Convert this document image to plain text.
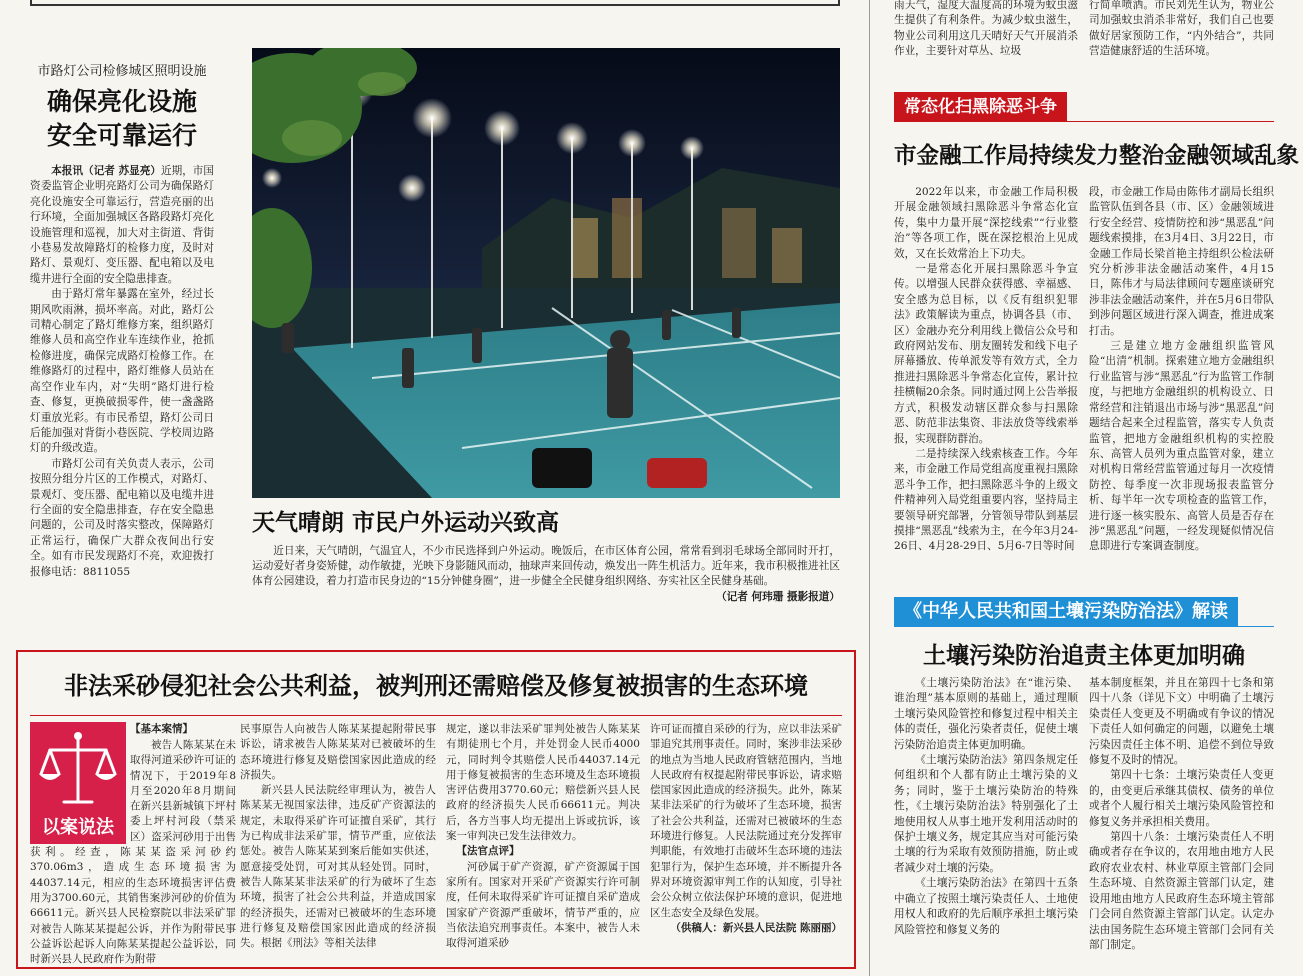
市路灯公司检修城区照明设施
确保亮化设施
安全可靠运行

本报讯（记者 苏显亮）近期，市国资委监管企业明亮路灯公司为确保路灯亮化设施安全可靠运行，营造亮丽的出行环境，全面加强城区各路段路灯亮化设施管理和巡视，加大对主街道、背街小巷易发故障路灯的检修力度，及时对路灯、景观灯、变压器、配电箱以及电缆井进行全面的安全隐患排查。

由于路灯常年暴露在室外，经过长期风吹雨淋，损坏率高。对此，路灯公司精心制定了路灯维修方案，组织路灯维修人员和高空作业车连续作业，抢抓检修进度，确保完成路灯检修工作。在维修路灯的过程中，路灯维修人员站在高空作业车内，对“失明”路灯进行检查、修复，更换破损零件，使一盏盏路灯重放光彩。有市民希望，路灯公司日后能加强对背街小巷医院、学校周边路灯的升级改造。

市路灯公司有关负责人表示，公司按照分组分片区的工作模式，对路灯、景观灯、变压器、配电箱以及电缆井进行全面的安全隐患排查，存在安全隐患问题的，公司及时落实整改，保障路灯正常运行，确保广大群众夜间出行安全。如有市民发现路灯不亮，欢迎拨打报修电话：8811055

天气晴朗 市民户外运动兴致高
近日来，天气晴朗，气温宜人，不少市民选择到户外运动。晚饭后，在市区体育公园，常常看到羽毛球场全部同时开打，运动爱好者身姿矫健，动作敏捷，光映下身影随风而动，抽球声来回传动，焕发出一阵生机活力。近年来，我市积极推进社区体育公园建设，着力打造市民身边的“15分钟健身圈”，进一步健全全民健身组织网络、夯实社区全民健身基础。
（记者 何玮珊 摄影报道）
雨天气，湿度大温度高的环境为蚊虫滋生提供了有利条件。为减少蚊虫滋生，物业公司利用这几天晴好天气开展消杀作业，主要针对草丛、垃圾
行简单喷洒。市民刘先生认为，物业公司加强蚊虫消杀非常好，我们自己也要做好居家预防工作，“内外结合”，共同营造健康舒适的生活环境。
常态化扫黑除恶斗争
市金融工作局持续发力整治金融领域乱象

2022年以来，市金融工作局积极开展金融领域扫黑除恶斗争常态化宣传，集中力量开展“深挖线索”“行业整治”等各项工作，既在深挖根治上见成效，又在长效常治上下功夫。

一是常态化开展扫黑除恶斗争宣传。以增强人民群众获得感、幸福感、安全感为总目标，以《反有组织犯罪法》政策解读为重点，协调各县（市、区）金融办充分利用线上微信公众号和政府网站发布、朋友圈转发和线下电子屏幕播放、传单派发等有效方式，全力推进扫黑除恶斗争常态化宣传，累计拉挂横幅20余条。同时通过网上公告举报方式，积极发动辖区群众参与扫黑除恶、防范非法集资、非法放贷等线索举报，实现群防群治。

二是持续深入线索核查工作。今年来，市金融工作局党组高度重视扫黑除恶斗争工作，把扫黑除恶斗争的上级文件精神列入局党组重要内容，坚持局主要领导研究部署，分管领导带队到基层摸排“黑恶乱”线索为主，在今年3月24-26日、4月28-29日、5月6-7日等时间

段，市金融工作局由陈伟才副局长组织监管队伍到各县（市、区）金融领域进行安全经营、疫情防控和涉“黑恶乱”问题线索摸排，在3月4日、3月22日，市金融工作局长梁首艳主持组织公检法研究分析涉非法金融活动案件，4月15日，陈伟才与局法律顾问专题座谈研究涉非法金融活动案件，并在5月6日带队到涉问题区域进行深入调查，推进成案打击。

三是建立地方金融组织监管风险“出清”机制。探索建立地方金融组织行业监管与涉“黑恶乱”行为监管工作制度，与把地方金融组织的机构设立、日常经营和注销退出市场与涉“黑恶乱”问题结合起来全过程监管，落实专人负责监管，把地方金融组织机构的实控股东、高管人员列为重点监管对象，建立对机构日常经营监管通过每月一次疫情防控、每季度一次非现场报表监管分析、每半年一次专项检查的监管工作，进行逐一核实股东、高管人员是否存在涉“黑恶乱”问题，一经发现疑似情况信息即进行专案调查制度。

《中华人民共和国土壤污染防治法》解读
土壤污染防治追责主体更加明确

《土壤污染防治法》在“谁污染、谁治理”基本原则的基础上，通过理顺土壤污染风险管控和修复过程中相关主体的责任，强化污染者责任，促使土壤污染防治追责主体更加明确。

《土壤污染防治法》第四条规定任何组织和个人都有防止土壤污染的义务；同时，鉴于土壤污染防治的特殊性，《土壤污染防治法》特别强化了土地使用权人从事土地开发利用活动时的保护土壤义务，规定其应当对可能污染土壤的行为采取有效预防措施，防止或者减少对土壤的污染。

《土壤污染防治法》在第四十五条中确立了按照土壤污染责任人、土地使用权人和政府的先后顺序承担土壤污染风险管控和修复义务的

基本制度框架，并且在第四十七条和第四十八条（详见下文）中明确了土壤污染责任人变更及不明确或有争议的情况下责任人如何确定的问题，以避免土壤污染因责任主体不明、追偿不到位导致修复不及时的情况。

第四十七条：土壤污染责任人变更的，由变更后承继其债权、债务的单位或者个人履行相关土壤污染风险管控和修复义务并承担相关费用。

第四十八条：土壤污染责任人不明确或者存在争议的，农用地由地方人民政府农业农村、林业草原主管部门会同生态环境、自然资源主管部门认定，建设用地由地方人民政府生态环境主管部门会同自然资源主管部门认定。认定办法由国务院生态环境主管部门会同有关部门制定。

非法采砂侵犯社会公共利益，被判刑还需赔偿及修复被损害的生态环境
以案说法
【基本案情】

被告人陈某某在未取得河道采砂许可证的情况下，于2019年8月至2020年8月期间在新兴县新城镇下坪村委上坪村河段（禁采区）盗采河砂用于出售获利。经查，陈某某盗采河砂约370.06m3，造成生态环境损害为44037.14元，相应的生态环境损害评估费用为3700.60元，其销售案涉河砂的价值为66611元。新兴县人民检察院以非法采矿罪对被告人陈某某提起公诉，并作为附带民事公益诉讼起诉人向陈某某提起公益诉讼，同时新兴县人民政府作为附带

民事原告人向被告人陈某某提起附带民事诉讼，请求被告人陈某某对已被破坏的生态环境进行修复及赔偿国家因此造成的经济损失。

新兴县人民法院经审理认为，被告人陈某某无视国家法律，违反矿产资源法的规定，未取得采矿许可证擅自采矿，其行为已构成非法采矿罪，情节严重，应依法惩处。被告人陈某某到案后能如实供述，愿意接受处罚，可对其从轻处罚。同时，被告人陈某某非法采矿的行为破坏了生态环境，损害了社会公共利益，并造成国家的经济损失，还需对已被破坏的生态环境进行修复及赔偿国家因此造成的经济损失。根据《刑法》等相关法律

规定，遂以非法采矿罪判处被告人陈某某有期徒刑七个月，并处罚金人民币4000元，同时判令其赔偿人民币44037.14元用于修复被损害的生态环境及生态环境损害评估费用3770.60元；赔偿新兴县人民政府的经济损失人民币66611元。判决后，各方当事人均无提出上诉或抗诉，该案一审判决已发生法律效力。
【法官点评】

河砂属于矿产资源，矿产资源属于国家所有。国家对开采矿产资源实行许可制度，任何未取得采矿许可证擅自采矿造成国家矿产资源严重破坏，情节严重的，应当依法追究刑事责任。本案中，被告人未取得河道采砂

许可证而擅自采砂的行为，应以非法采矿罪追究其刑事责任。同时，案涉非法采砂的地点为当地人民政府管辖范围内，当地人民政府有权提起附带民事诉讼，请求赔偿国家因此造成的经济损失。此外，陈某某非法采矿的行为破坏了生态环境，损害了社会公共利益，还需对已被破坏的生态环境进行修复。人民法院通过充分发挥审判职能，有效地打击破坏生态环境的违法犯罪行为，保护生态环境，并不断提升各界对环境资源审判工作的认知度，引导社会公众树立依法保护环境的意识，促进地区生态安全及绿色发展。
（供稿人：新兴县人民法院 陈丽丽）
